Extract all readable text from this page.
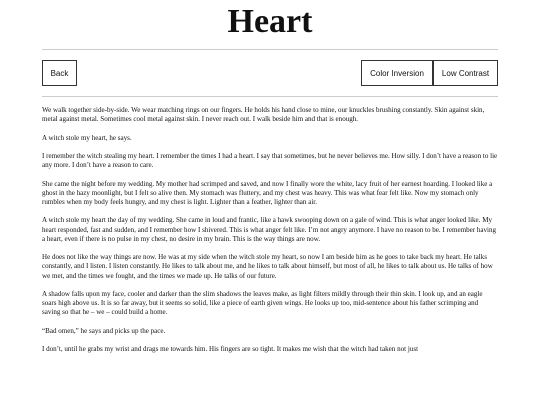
Heart
Back	Color Inversion	Low Contrast

We walk together side-by-side. We wear matching rings on our fingers. He holds his hand close to mine, our knuckles brushing constantly. Skin against skin, metal against metal. Sometimes cool metal against skin. I never reach out. I walk beside him and that is enough.

A witch stole my heart, he says.

I remember the witch stealing my heart. I remember the times I had a heart. I say that sometimes, but he never believes me. How silly. I don’t have a reason to lie any more. I don’t have a reason to care.

She came the night before my wedding. My mother had scrimped and saved, and now I finally wore the white, lacy fruit of her earnest hoarding. I looked like a ghost in the hazy moonlight, but I felt so alive then. My stomach was fluttery, and my chest was heavy. This was what fear felt like. Now my stomach only rumbles when my body feels hungry, and my chest is light. Lighter than a feather, lighter than air.

A witch stole my heart the day of my wedding. She came in loud and frantic, like a hawk swooping down on a gale of wind. This is what anger looked like. My heart responded, fast and sudden, and I remember how I shivered. This is what anger felt like. I’m not angry anymore. I have no reason to be. I remember having a heart, even if there is no pulse in my chest, no desire in my brain. This is the way things are now.

He does not like the way things are now. He was at my side when the witch stole my heart, so now I am beside him as he goes to take back my heart. He talks constantly, and I listen. I listen constantly. He likes to talk about me, and he likes to talk about himself, but most of all, he likes to talk about us. He talks of how we met, and the times we fought, and the times we made up. He talks of our future.

A shadow falls upon my face, cooler and darker than the slim shadows the leaves make, as light filters mildly through their thin skin. I look up, and an eagle soars high above us. It is so far away, but it seems so solid, like a piece of earth given wings. He looks up too, mid-sentence about his father scrimping and saving so that he – we – could build a home.

“Bad omen,” he says and picks up the pace.

I don’t, until he grabs my wrist and drags me towards him. His fingers are so tight. It makes me wish that the witch had taken not just
